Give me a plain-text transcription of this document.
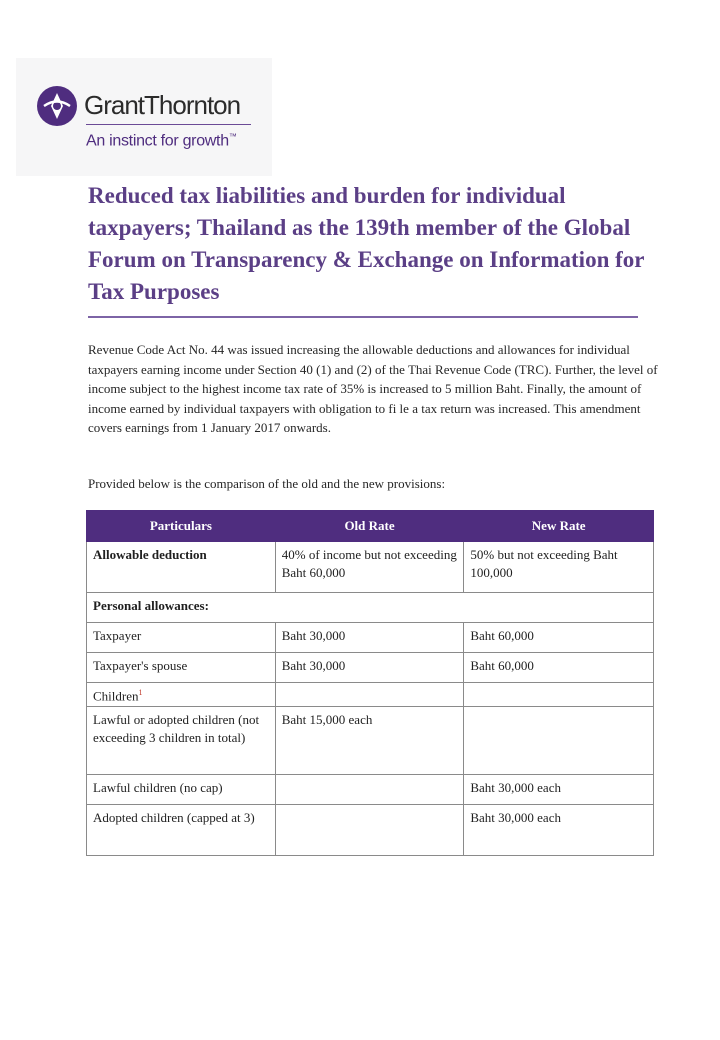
GrantThornton
An instinct for growth™
Reduced tax liabilities and burden for individual taxpayers; Thailand as the 139th member of the Global Forum on Transparency & Exchange on Information for Tax Purposes

Revenue Code Act No. 44 was issued increasing the allowable deductions and allowances for individual taxpayers earning income under Section 40 (1) and (2) of the Thai Revenue Code (TRC). Further, the level of income subject to the highest income tax rate of 35% is increased to 5 million Baht. Finally, the amount of income earned by individual taxpayers with obligation to fi le a tax return was increased. This amendment covers earnings from 1 January 2017 onwards.

Provided below is the comparison of the old and the new provisions:

Particulars	Old Rate	New Rate
Allowable deduction	40% of income but not exceeding Baht 60,000	50% but not exceeding Baht 100,000
Personal allowances:		
Taxpayer	Baht 30,000	Baht 60,000
Taxpayer's spouse	Baht 30,000	Baht 60,000
Children$^1$		
Lawful or adopted children (not exceeding 3 children in total)	Baht 15,000 each	
Lawful children (no cap)		Baht 30,000 each
Adopted children (capped at 3)		Baht 30,000 each
